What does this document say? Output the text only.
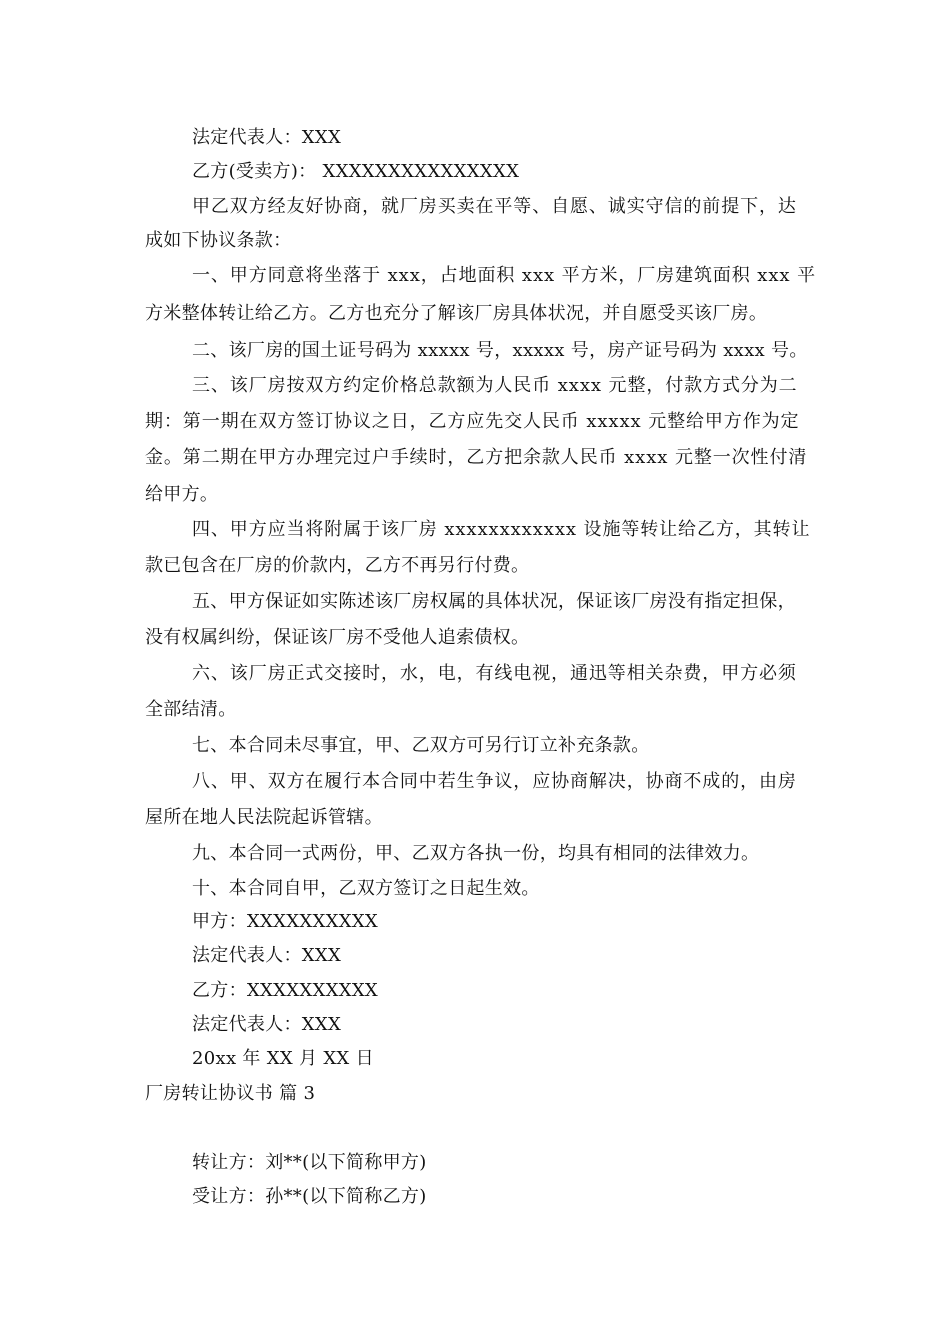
法定代表人：XXX
乙方(受卖方)： XXXXXXXXXXXXXXX
甲乙双方经友好协商，就厂房买卖在平等、自愿、诚实守信的前提下，达
成如下协议条款：
一、甲方同意将坐落于 xxx，占地面积 xxx 平方米，厂房建筑面积 xxx 平
方米整体转让给乙方。乙方也充分了解该厂房具体状况，并自愿受买该厂房。
二、该厂房的国土证号码为 xxxxx 号，xxxxx 号，房产证号码为 xxxx 号。
三、该厂房按双方约定价格总款额为人民币 xxxx 元整，付款方式分为二
期：第一期在双方签订协议之日，乙方应先交人民币 xxxxx 元整给甲方作为定
金。第二期在甲方办理完过户手续时，乙方把余款人民币 xxxx 元整一次性付清
给甲方。
四、甲方应当将附属于该厂房 xxxxxxxxxxxx 设施等转让给乙方，其转让
款已包含在厂房的价款内，乙方不再另行付费。
五、甲方保证如实陈述该厂房权属的具体状况，保证该厂房没有指定担保，
没有权属纠纷，保证该厂房不受他人追索债权。
六、该厂房正式交接时，水，电，有线电视，通迅等相关杂费，甲方必须
全部结清。
七、本合同未尽事宜，甲、乙双方可另行订立补充条款。
八、甲、双方在履行本合同中若生争议，应协商解决，协商不成的，由房
屋所在地人民法院起诉管辖。
九、本合同一式两份，甲、乙双方各执一份，均具有相同的法律效力。
十、本合同自甲，乙双方签订之日起生效。
甲方：XXXXXXXXXX
法定代表人：XXX
乙方：XXXXXXXXXX
法定代表人：XXX
20xx 年 XX 月 XX 日
厂房转让协议书 篇 3
转让方：刘**(以下简称甲方)
受让方：孙**(以下简称乙方)
